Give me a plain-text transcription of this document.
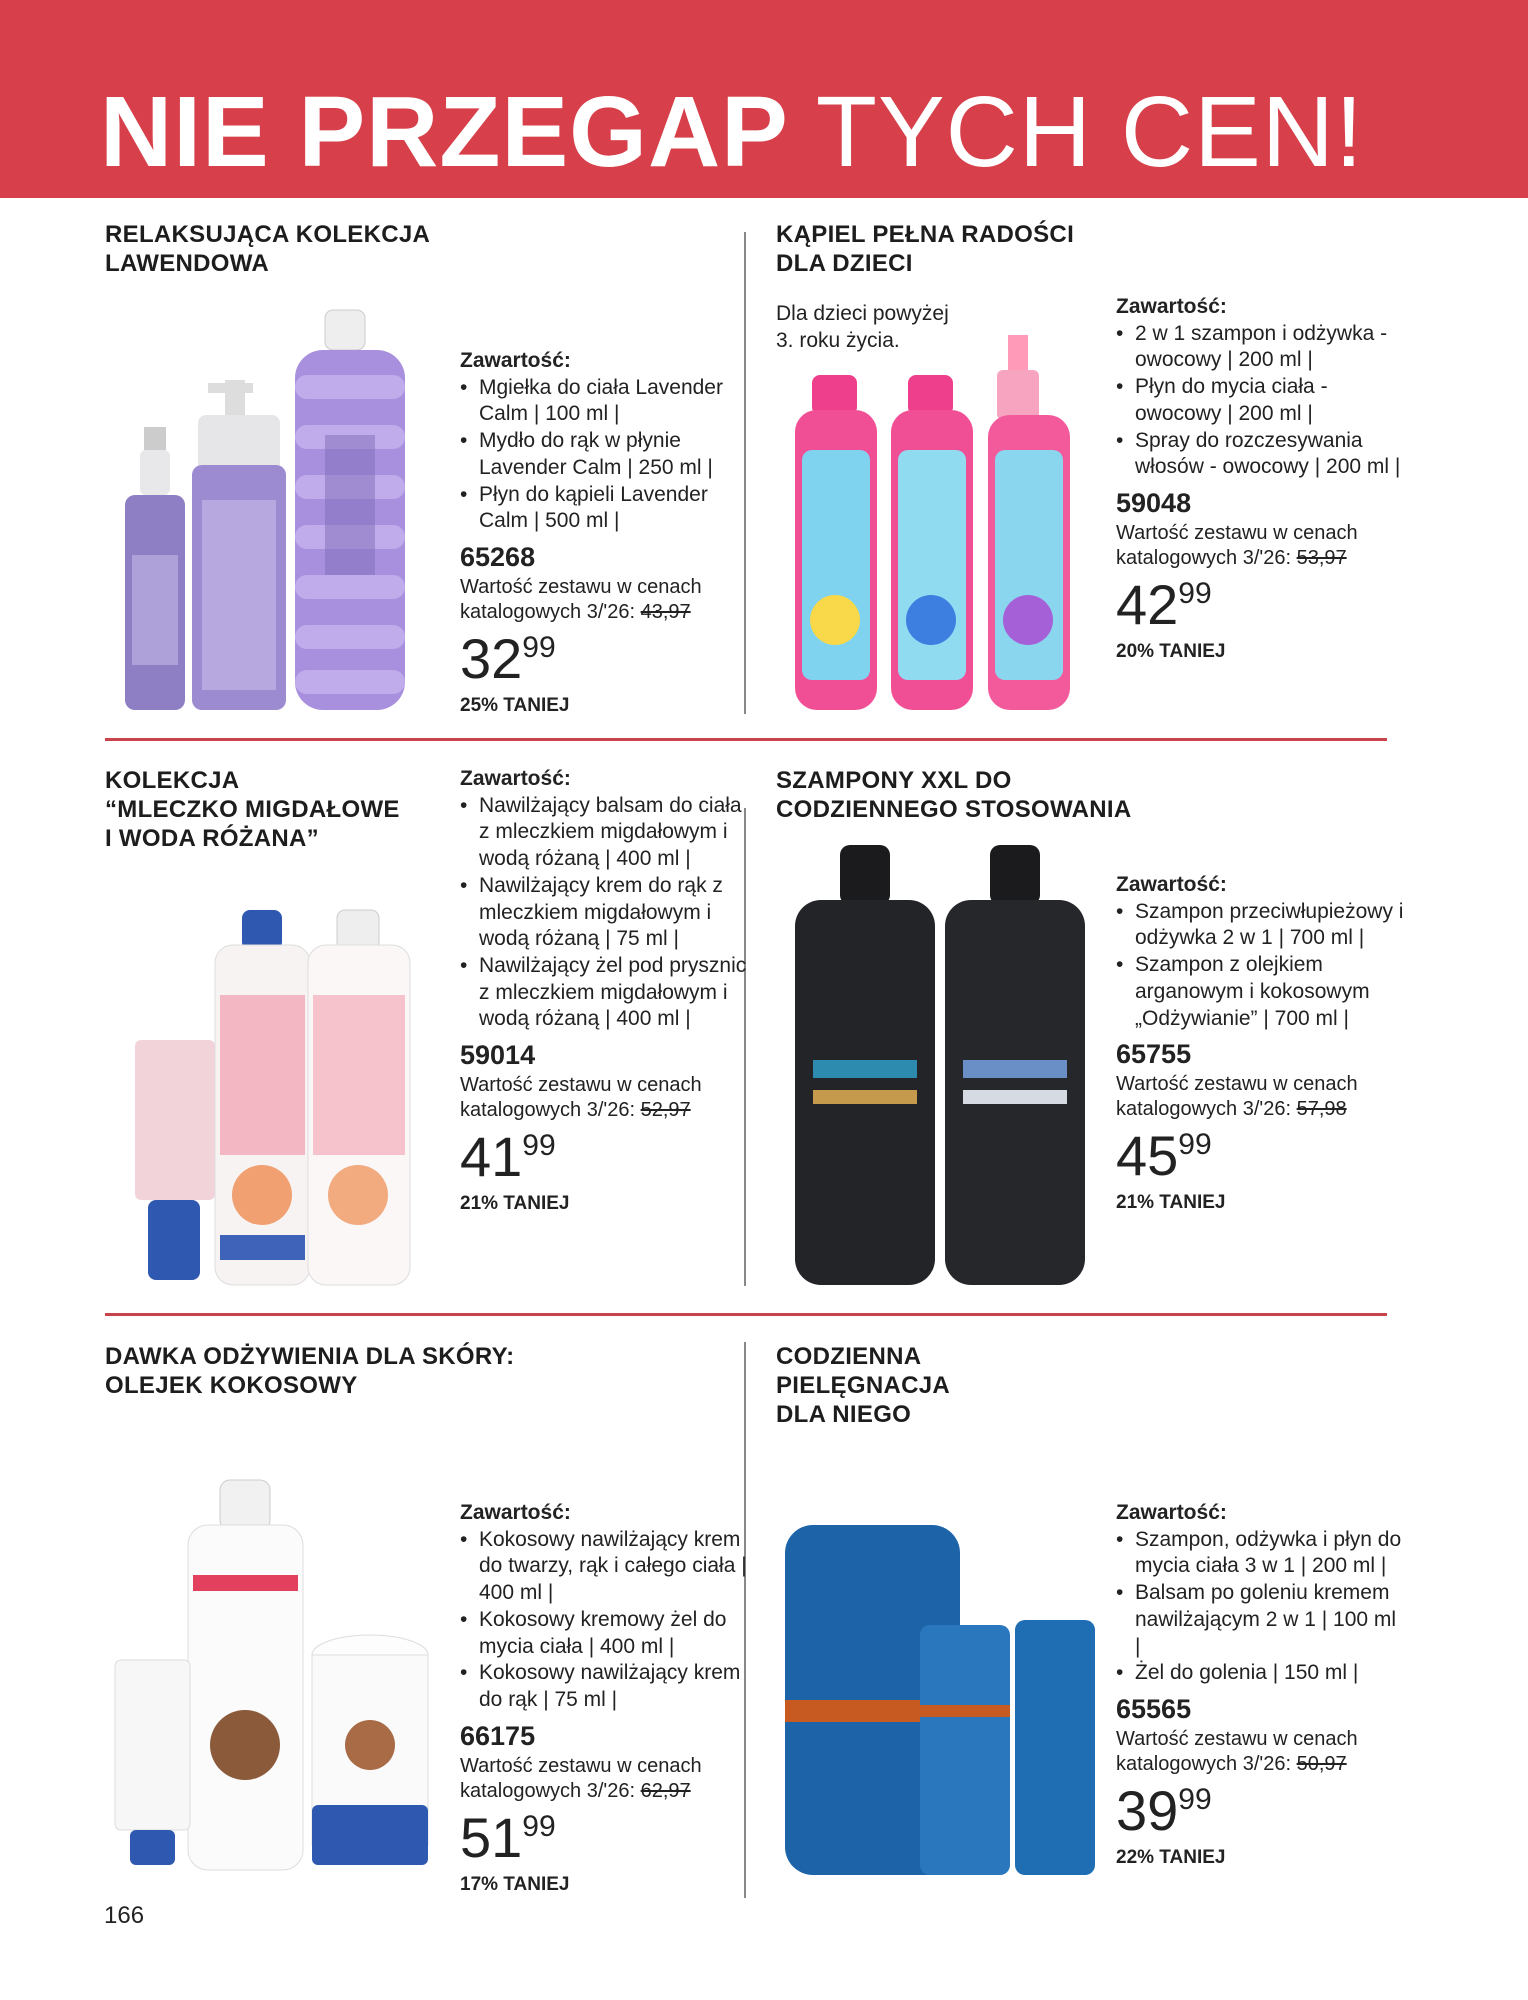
NIE PRZEGAP TYCH CEN!
RELAKSUJĄCA KOLEKCJA
LAWENDOWA
Zawartość:
• Mgiełka do ciała Lavender Calm | 100 ml |
• Mydło do rąk w płynie Lavender Calm | 250 ml |
• Płyn do kąpieli Lavender Calm | 500 ml |
65268
Wartość zestawu w cenach katalogowych 3/'26: 43,97
$32^{99}$
25% TANIEJ
KĄPIEL PEŁNA RADOŚCI
DLA DZIECI
Dla dzieci powyżej
3. roku życia.
Zawartość:
• 2 w 1 szampon i odżywka - owocowy | 200 ml |
• Płyn do mycia ciała - owocowy | 200 ml |
• Spray do rozczesywania włosów - owocowy | 200 ml |
59048
Wartość zestawu w cenach katalogowych 3/'26: 53,97
$42^{99}$
20% TANIEJ
KOLEKCJA
“MLECZKO MIGDAŁOWE
I WODA RÓŻANA”
Zawartość:
• Nawilżający balsam do ciała z mleczkiem migdałowym i wodą różaną | 400 ml |
• Nawilżający krem do rąk z mleczkiem migdałowym i wodą różaną | 75 ml |
• Nawilżający żel pod prysznic z mleczkiem migdałowym i wodą różaną | 400 ml |
59014
Wartość zestawu w cenach katalogowych 3/'26: 52,97
$41^{99}$
21% TANIEJ
SZAMPONY XXL DO
CODZIENNEGO STOSOWANIA
Zawartość:
• Szampon przeciwłupieżowy i odżywka 2 w 1 | 700 ml |
• Szampon z olejkiem arganowym i kokosowym „Odżywianie” | 700 ml |
65755
Wartość zestawu w cenach katalogowych 3/'26: 57,98
$45^{99}$
21% TANIEJ
DAWKA ODŻYWIENIA DLA SKÓRY:
OLEJEK KOKOSOWY
Zawartość:
• Kokosowy nawilżający krem do twarzy, rąk i całego ciała | 400 ml |
• Kokosowy kremowy żel do mycia ciała | 400 ml |
• Kokosowy nawilżający krem do rąk | 75 ml |
66175
Wartość zestawu w cenach katalogowych 3/'26: 62,97
$51^{99}$
17% TANIEJ
CODZIENNA
PIELĘGNACJA
DLA NIEGO
Zawartość:
• Szampon, odżywka i płyn do mycia ciała 3 w 1 | 200 ml |
• Balsam po goleniu kremem nawilżającym 2 w 1 | 100 ml |
• Żel do golenia | 150 ml |
65565
Wartość zestawu w cenach katalogowych 3/'26: 50,97
$39^{99}$
22% TANIEJ
166
